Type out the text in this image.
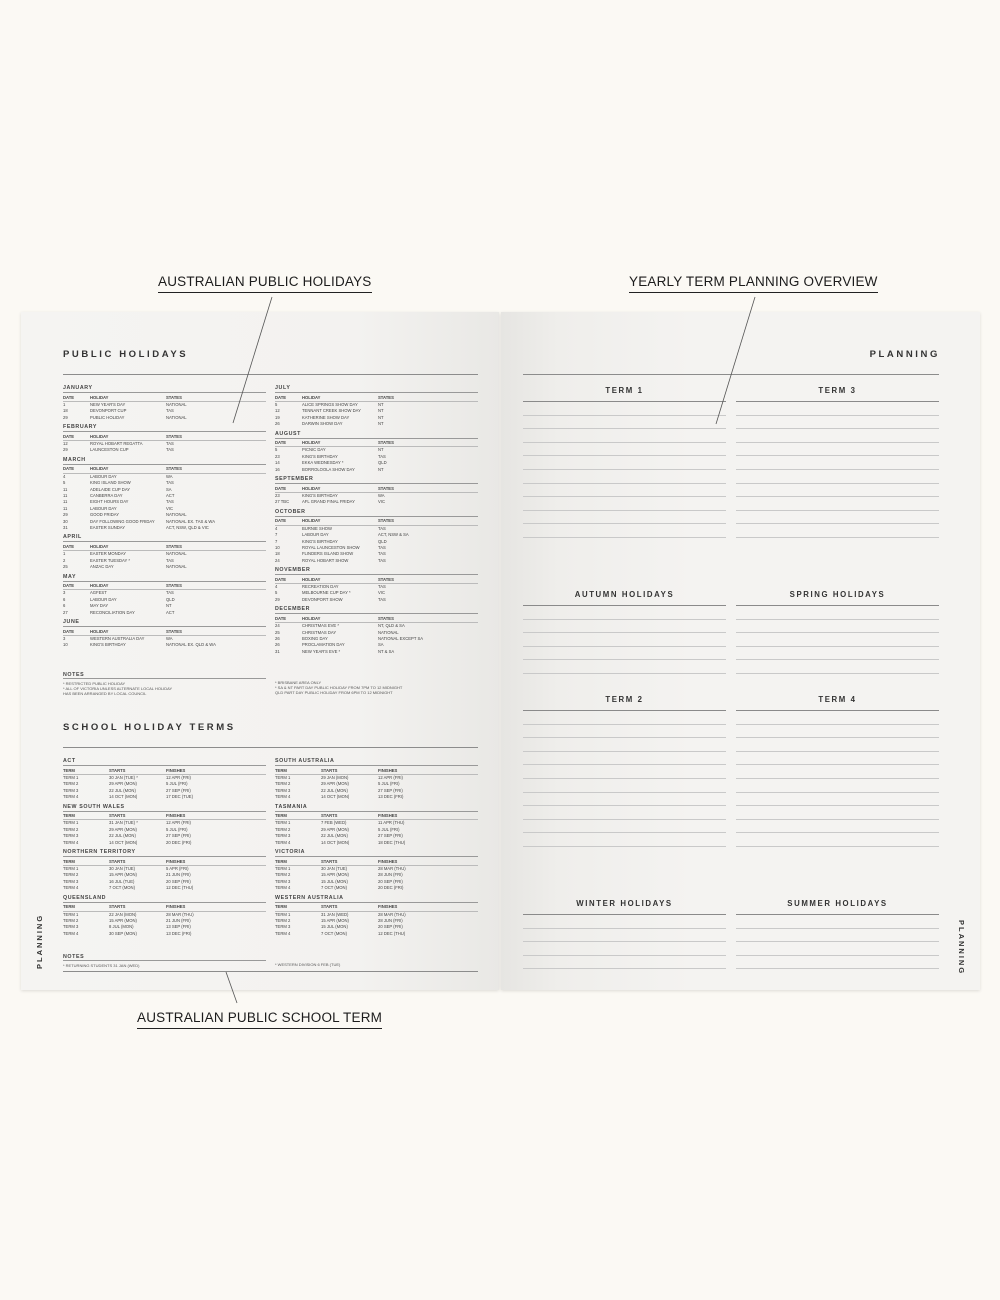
AUSTRALIAN PUBLIC HOLIDAYS	YEARLY TERM PLANNING OVERVIEW
AUSTRALIAN PUBLIC SCHOOL TERM
PUBLIC HOLIDAYS
JANUARY
DATE	HOLIDAY	STATES
1	NEW YEAR'S DAY	NATIONAL
18	DEVONPORT CUP	TAS
29	PUBLIC HOLIDAY	NATIONAL
FEBRUARY
DATE	HOLIDAY	STATES
12	ROYAL HOBART REGATTA	TAS
29	LAUNCESTON CUP	TAS
MARCH
DATE	HOLIDAY	STATES
4	LABOUR DAY	WA
5	KING ISLAND SHOW	TAS
11	ADELAIDE CUP DAY	SA
11	CANBERRA DAY	ACT
11	EIGHT HOURS DAY	TAS
11	LABOUR DAY	VIC
29	GOOD FRIDAY	NATIONAL
30	DAY FOLLOWING GOOD FRIDAY	NATIONAL EX. TAS & WA
31	EASTER SUNDAY	ACT, NSW, QLD & VIC
APRIL
DATE	HOLIDAY	STATES
1	EASTER MONDAY	NATIONAL
2	EASTER TUESDAY *	TAS
25	ANZAC DAY	NATIONAL
MAY
DATE	HOLIDAY	STATES
3	AGFEST	TAS
6	LABOUR DAY	QLD
6	MAY DAY	NT
27	RECONCILIATION DAY	ACT
JUNE
DATE	HOLIDAY	STATES
3	WESTERN AUSTRALIA DAY	WA
10	KING'S BIRTHDAY	NATIONAL EX. QLD & WA
JULY
DATE	HOLIDAY	STATES
5	ALICE SPRINGS SHOW DAY	NT
12	TENNANT CREEK SHOW DAY	NT
19	KATHERINE SHOW DAY	NT
26	DARWIN SHOW DAY	NT
AUGUST
DATE	HOLIDAY	STATES
5	PICNIC DAY	NT
23	KING'S BIRTHDAY	TAS
14	EKKA WEDNESDAY *	QLD
16	BORROLOOLA SHOW DAY	NT
SEPTEMBER
DATE	HOLIDAY	STATES
23	KING'S BIRTHDAY	WA
27 TBC	AFL GRAND FINAL FRIDAY	VIC
OCTOBER
DATE	HOLIDAY	STATES
4	BURNIE SHOW	TAS
7	LABOUR DAY	ACT, NSW & SA
7	KING'S BIRTHDAY	QLD
10	ROYAL LAUNCESTON SHOW	TAS
18	FLINDERS ISLAND SHOW	TAS
24	ROYAL HOBART SHOW	TAS
NOVEMBER
DATE	HOLIDAY	STATES
4	RECREATION DAY	TAS
5	MELBOURNE CUP DAY *	VIC
29	DEVONPORT SHOW	TAS
DECEMBER
DATE	HOLIDAY	STATES
24	CHRISTMAS EVE *	NT, QLD & SA
25	CHRISTMAS DAY	NATIONAL
26	BOXING DAY	NATIONAL EXCEPT SA
26	PROCLAMATION DAY	SA
31	NEW YEAR'S EVE *	NT & SA
NOTES
* RESTRICTED PUBLIC HOLIDAY
* ALL OF VICTORIA UNLESS ALTERNATE LOCAL HOLIDAY
HAS BEEN ARRANGED BY LOCAL COUNCIL
* BRISBANE AREA ONLY
* SA & NT PART DAY PUBLIC HOLIDAY FROM 7PM TO 12 MIDNIGHT
QLD PART DAY PUBLIC HOLIDAY FROM 6PM TO 12 MIDNIGHT
SCHOOL HOLIDAY TERMS
ACT
TERM	STARTS	FINISHES
TERM 1	30 JAN (TUE) *	12 APR (FRI)
TERM 2	29 APR (MON)	5 JUL (FRI)
TERM 3	22 JUL (MON)	27 SEP (FRI)
TERM 4	14 OCT (MON)	17 DEC (TUE)
NEW SOUTH WALES
TERM	STARTS	FINISHES
TERM 1	31 JAN (TUE) *	12 APR (FRI)
TERM 2	29 APR (MON)	5 JUL (FRI)
TERM 3	22 JUL (MON)	27 SEP (FRI)
TERM 4	14 OCT (MON)	20 DEC (FRI)
NORTHERN TERRITORY
TERM	STARTS	FINISHES
TERM 1	30 JAN (TUE)	5 APR (FRI)
TERM 2	15 APR (MON)	21 JUN (FRI)
TERM 3	16 JUL (TUE)	20 SEP (FRI)
TERM 4	7 OCT (MON)	12 DEC (THU)
QUEENSLAND
TERM	STARTS	FINISHES
TERM 1	22 JAN (MON)	28 MAR (THU)
TERM 2	15 APR (MON)	21 JUN (FRI)
TERM 3	8 JUL (MON)	13 SEP (FRI)
TERM 4	30 SEP (MON)	13 DEC (FRI)
SOUTH AUSTRALIA
TERM	STARTS	FINISHES
TERM 1	29 JAN (MON)	12 APR (FRI)
TERM 2	29 APR (MON)	5 JUL (FRI)
TERM 3	22 JUL (MON)	27 SEP (FRI)
TERM 4	14 OCT (MON)	13 DEC (FRI)
TASMANIA
TERM	STARTS	FINISHES
TERM 1	7 FEB (WED)	11 APR (THU)
TERM 2	29 APR (MON)	5 JUL (FRI)
TERM 3	22 JUL (MON)	27 SEP (FRI)
TERM 4	14 OCT (MON)	18 DEC (THU)
VICTORIA
TERM	STARTS	FINISHES
TERM 1	30 JAN (TUE)	28 MAR (THU)
TERM 2	15 APR (MON)	28 JUN (FRI)
TERM 3	15 JUL (MON)	20 SEP (FRI)
TERM 4	7 OCT (MON)	20 DEC (FRI)
WESTERN AUSTRALIA
TERM	STARTS	FINISHES
TERM 1	31 JAN (WED)	28 MAR (THU)
TERM 2	15 APR (MON)	28 JUN (FRI)
TERM 3	15 JUL (MON)	20 SEP (FRI)
TERM 4	7 OCT (MON)	12 DEC (THU)
NOTES
* RETURNING STUDENTS 31 JAN (WED)	* WESTERN DIVISION 6 FEB (TUE)
PLANNING
PLANNING
TERM 1	TERM 3
AUTUMN HOLIDAYS	SPRING HOLIDAYS
TERM 2	TERM 4
WINTER HOLIDAYS	SUMMER HOLIDAYS
PLANNING
